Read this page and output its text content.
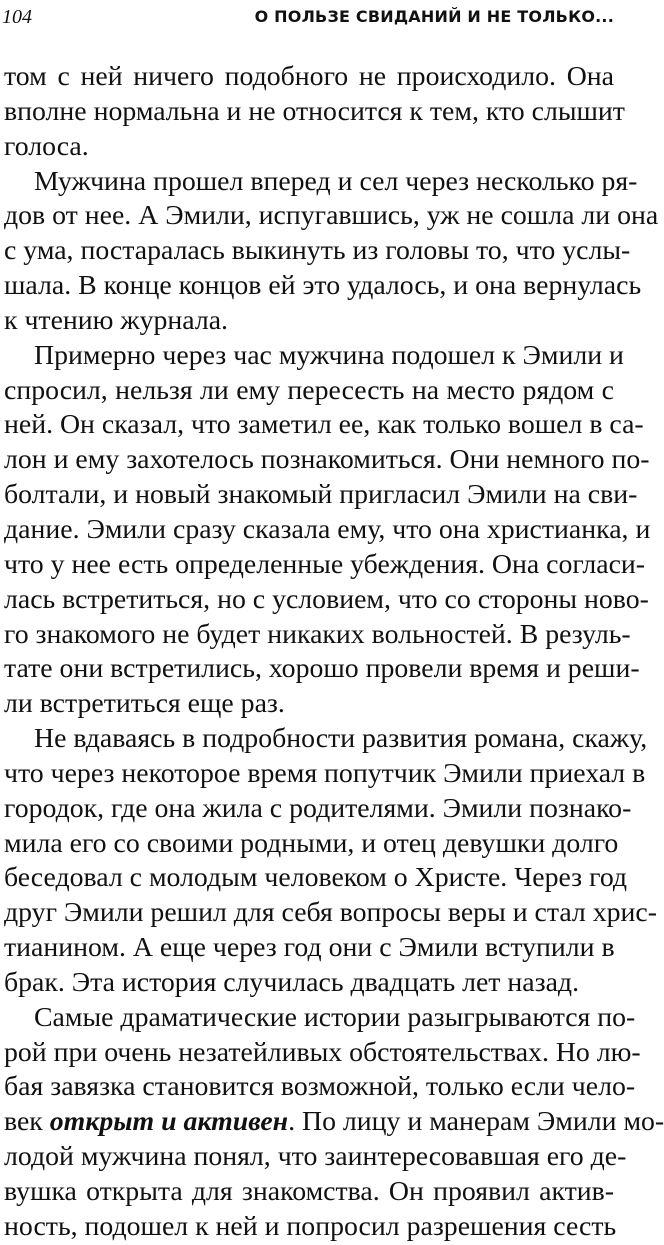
104	О ПОЛЬЗЕ СВИДАНИЙ И НЕ ТОЛЬКО...
том с ней ничего подобного не происходило. Она
вполне нормальна и не относится к тем, кто слышит
голоса.
Мужчина прошел вперед и сел через несколько ря-
дов от нее. А Эмили, испугавшись, уж не сошла ли она
с ума, постаралась выкинуть из головы то, что услы-
шала. В конце концов ей это удалось, и она вернулась
к чтению журнала.
Примерно через час мужчина подошел к Эмили и
спросил, нельзя ли ему пересесть на место рядом с
ней. Он сказал, что заметил ее, как только вошел в са-
лон и ему захотелось познакомиться. Они немного по-
болтали, и новый знакомый пригласил Эмили на сви-
дание. Эмили сразу сказала ему, что она христианка, и
что у нее есть определенные убеждения. Она согласи-
лась встретиться, но с условием, что со стороны ново-
го знакомого не будет никаких вольностей. В резуль-
тате они встретились, хорошо провели время и реши-
ли встретиться еще раз.
Не вдаваясь в подробности развития романа, скажу,
что через некоторое время попутчик Эмили приехал в
городок, где она жила с родителями. Эмили познако-
мила его со своими родными, и отец девушки долго
беседовал с молодым человеком о Христе. Через год
друг Эмили решил для себя вопросы веры и стал хрис-
тианином. А еще через год они с Эмили вступили в
брак. Эта история случилась двадцать лет назад.
Самые драматические истории разыгрываются по-
рой при очень незатейливых обстоятельствах. Но лю-
бая завязка становится возможной, только если чело-
век открыт и активен. По лицу и манерам Эмили мо-
лодой мужчина понял, что заинтересовавшая его де-
вушка открыта для знакомства. Он проявил актив-
ность, подошел к ней и попросил разрешения сесть
